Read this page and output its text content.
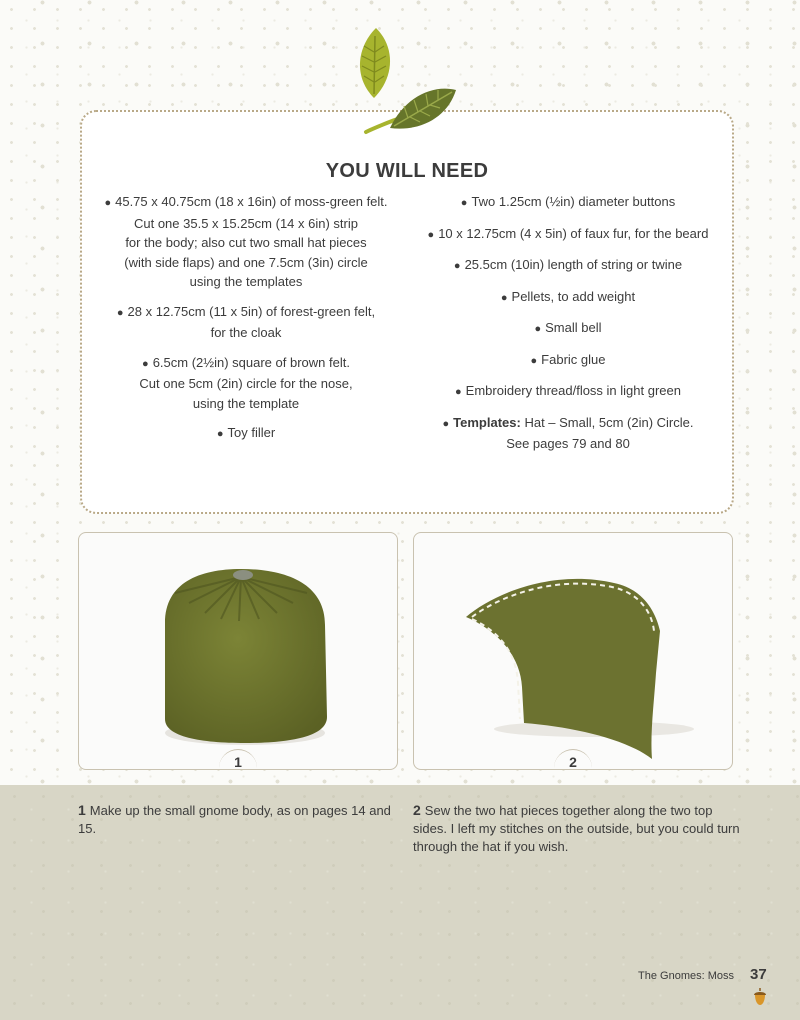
YOU WILL NEED
● 45.75 x 40.75cm (18 x 16in) of moss-green felt.
Cut one 35.5 x 15.25cm (14 x 6in) strip
for the body; also cut two small hat pieces
(with side flaps) and one 7.5cm (3in) circle
using the templates
● 28 x 12.75cm (11 x 5in) of forest-green felt,
for the cloak
● 6.5cm (2½in) square of brown felt.
Cut one 5cm (2in) circle for the nose,
using the template
● Toy filler
● Two 1.25cm (½in) diameter buttons
● 10 x 12.75cm (4 x 5in) of faux fur, for the beard
● 25.5cm (10in) length of string or twine
● Pellets, to add weight
● Small bell
● Fabric glue
● Embroidery thread/floss in light green
● Templates: Hat – Small, 5cm (2in) Circle.
See pages 79 and 80
1	2
1 Make up the small gnome body, as on pages 14 and 15.
2 Sew the two hat pieces together along the two top sides. I left my stitches on the outside, but you could turn through the hat if you wish.
The Gnomes: Moss 37
